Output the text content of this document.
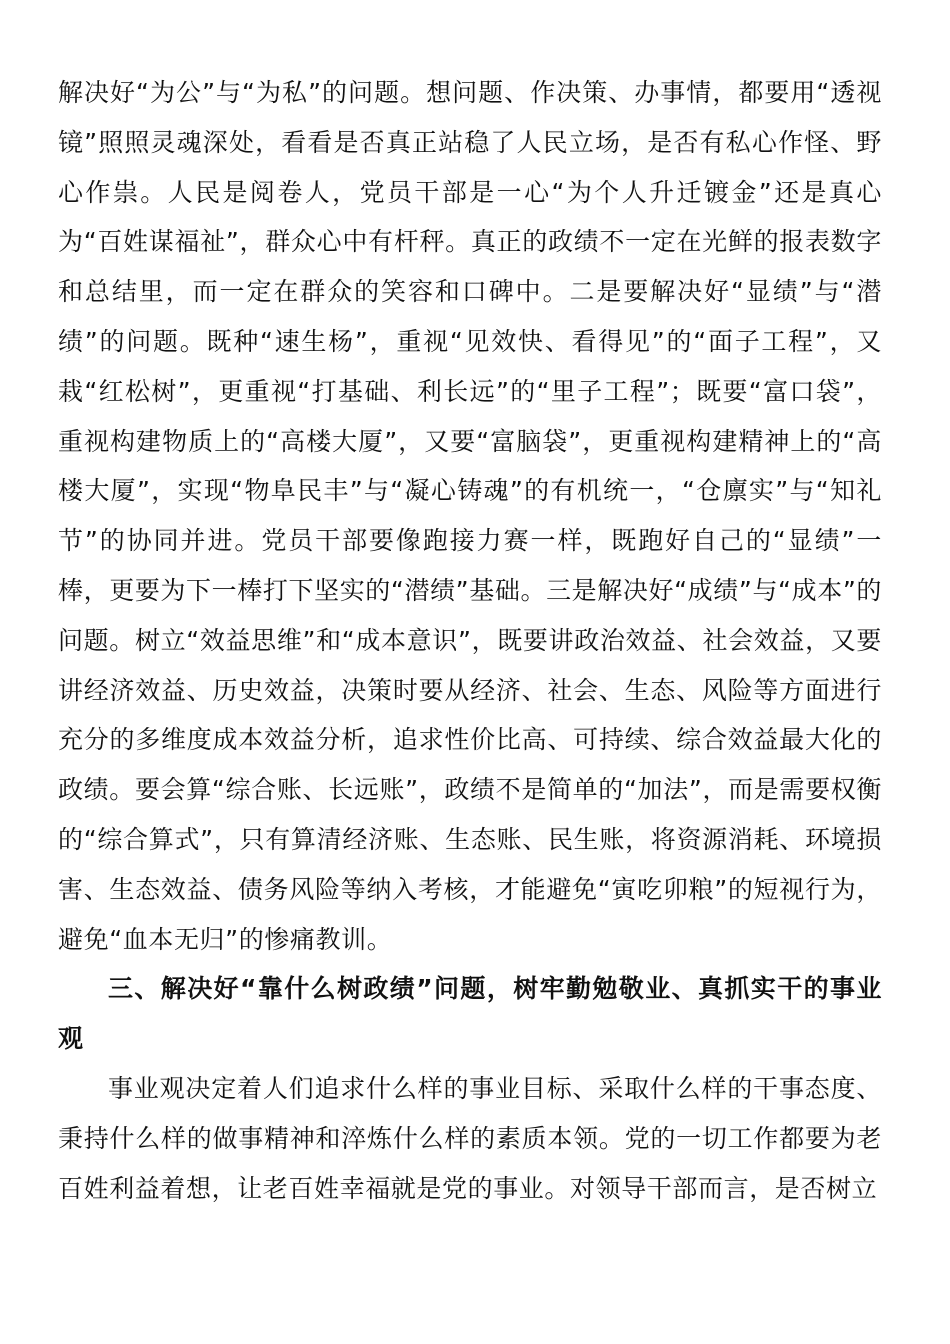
解决好“为公”与“为私”的问题。想问题、作决策、办事情，都要用“透视镜”照照灵魂深处，看看是否真正站稳了人民立场，是否有私心作怪、野心作祟。人民是阅卷人，党员干部是一心“为个人升迁镀金”还是真心为“百姓谋福祉”，群众心中有杆秤。真正的政绩不一定在光鲜的报表数字和总结里，而一定在群众的笑容和口碑中。二是要解决好“显绩”与“潜绩”的问题。既种“速生杨”，重视“见效快、看得见”的“面子工程”，又栽“红松树”，更重视“打基础、利长远”的“里子工程”；既要“富口袋”，重视构建物质上的“高楼大厦”，又要“富脑袋”，更重视构建精神上的“高楼大厦”，实现“物阜民丰”与“凝心铸魂”的有机统一，“仓廪实”与“知礼节”的协同并进。党员干部要像跑接力赛一样，既跑好自己的“显绩”一棒，更要为下一棒打下坚实的“潜绩”基础。三是解决好“成绩”与“成本”的问题。树立“效益思维”和“成本意识”，既要讲政治效益、社会效益，又要讲经济效益、历史效益，决策时要从经济、社会、生态、风险等方面进行充分的多维度成本效益分析，追求性价比高、可持续、综合效益最大化的政绩。要会算“综合账、长远账”，政绩不是简单的“加法”，而是需要权衡的“综合算式”，只有算清经济账、生态账、民生账，将资源消耗、环境损害、生态效益、债务风险等纳入考核，才能避免“寅吃卯粮”的短视行为，避免“血本无归”的惨痛教训。

三、解决好“靠什么树政绩”问题，树牢勤勉敬业、真抓实干的事业观

事业观决定着人们追求什么样的事业目标、采取什么样的干事态度、秉持什么样的做事精神和淬炼什么样的素质本领。党的一切工作都要为老百姓利益着想，让老百姓幸福就是党的事业。对领导干部而言，是否树立
